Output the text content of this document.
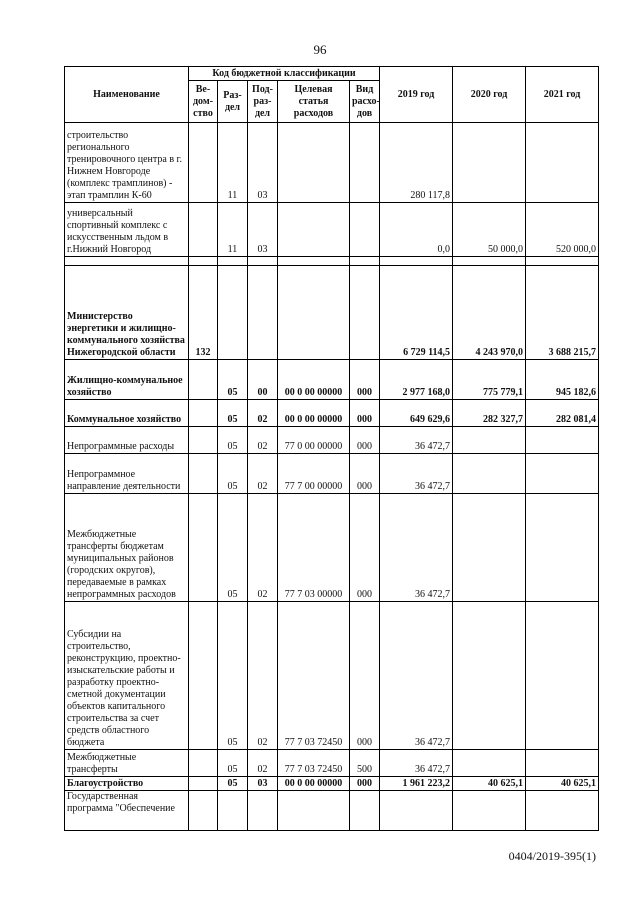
96
Наименование	Код бюджетной классификации					2019 год	2020 год	2021 год
	Ве-дом-ство	Раз-дел	Под-раз-дел	Целевая статья расходов	Вид расхо-дов			
строительство регионального тренировочного центра в г. Нижнем Новгороде (комплекс трамплинов) - этап трамплин К-60		11	03			280 117,8		
универсальный спортивный комплекс с искусственным льдом в г.Нижний Новгород		11	03			0,0	50 000,0	520 000,0

Министерство энергетики и жилищно-коммунального хозяйства Нижегородской области	132					6 729 114,5	4 243 970,0	3 688 215,7
Жилищно-коммунальное хозяйство		05	00	00 0 00 00000	000	2 977 168,0	775 779,1	945 182,6
Коммунальное хозяйство		05	02	00 0 00 00000	000	649 629,6	282 327,7	282 081,4
Непрограммные расходы		05	02	77 0 00 00000	000	36 472,7		
Непрограммное направление деятельности		05	02	77 7 00 00000	000	36 472,7		
Межбюджетные трансферты бюджетам муниципальных районов (городских округов), передаваемые в рамках непрограммных расходов		05	02	77 7 03 00000	000	36 472,7		
Субсидии на строительство, реконструкцию, проектно-изыскательские работы и разработку проектно-сметной документации объектов капитального строительства за счет средств областного бюджета		05	02	77 7 03 72450	000	36 472,7		
Межбюджетные трансферты		05	02	77 7 03 72450	500	36 472,7		
Благоустройство		05	03	00 0 00 00000	000	1 961 223,2	40 625,1	40 625,1
Государственная программа "Обеспечение								
0404/2019-395(1)
